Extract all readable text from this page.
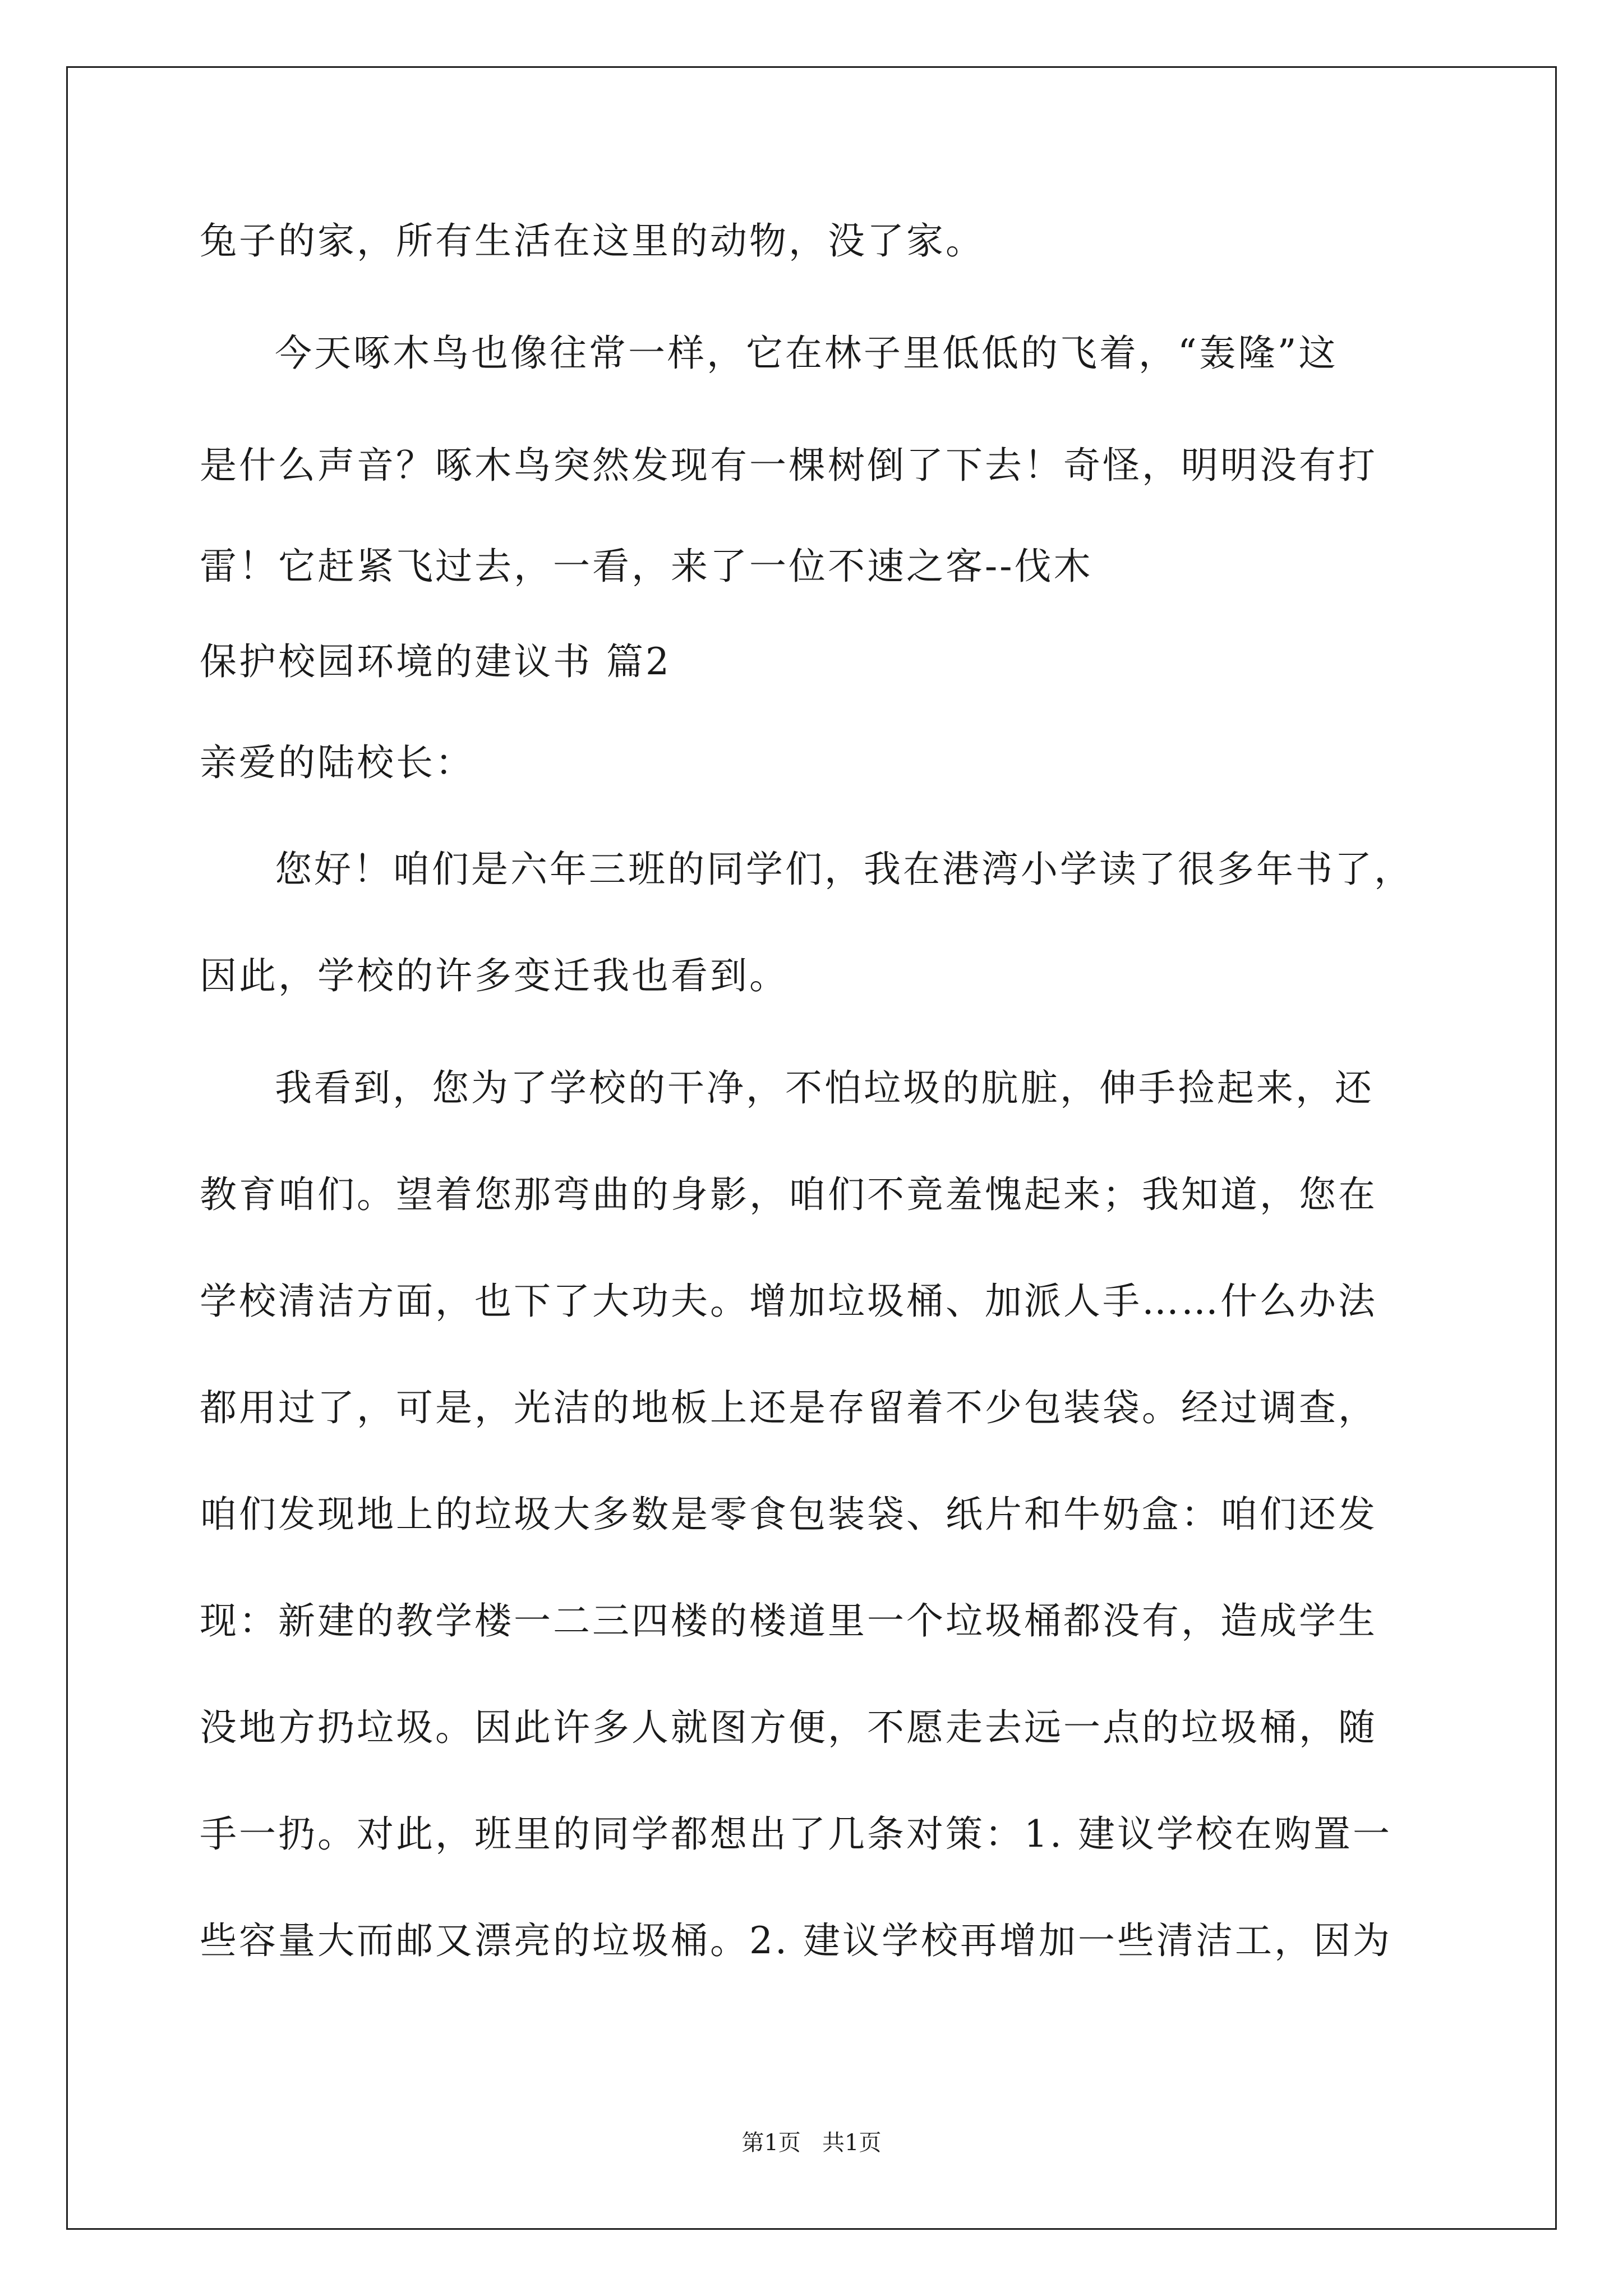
兔子的家，所有生活在这里的动物，没了家。
今天啄木鸟也像往常一样，它在林子里低低的飞着，“轰隆”这
是什么声音？啄木鸟突然发现有一棵树倒了下去！奇怪，明明没有打
雷！它赶紧飞过去，一看，来了一位不速之客--伐木
保护校园环境的建议书 篇2
亲爱的陆校长：
您好！咱们是六年三班的同学们，我在港湾小学读了很多年书了，
因此，学校的许多变迁我也看到。
我看到，您为了学校的干净，不怕垃圾的肮脏，伸手捡起来，还
教育咱们。望着您那弯曲的身影，咱们不竟羞愧起来；我知道，您在
学校清洁方面，也下了大功夫。增加垃圾桶、加派人手……什么办法
都用过了，可是，光洁的地板上还是存留着不少包装袋。经过调查，
咱们发现地上的垃圾大多数是零食包装袋、纸片和牛奶盒：咱们还发
现：新建的教学楼一二三四楼的楼道里一个垃圾桶都没有，造成学生
没地方扔垃圾。因此许多人就图方便，不愿走去远一点的垃圾桶，随
手一扔。对此，班里的同学都想出了几条对策：1. 建议学校在购置一
些容量大而邮又漂亮的垃圾桶。2. 建议学校再增加一些清洁工，因为
第1页   共1页
